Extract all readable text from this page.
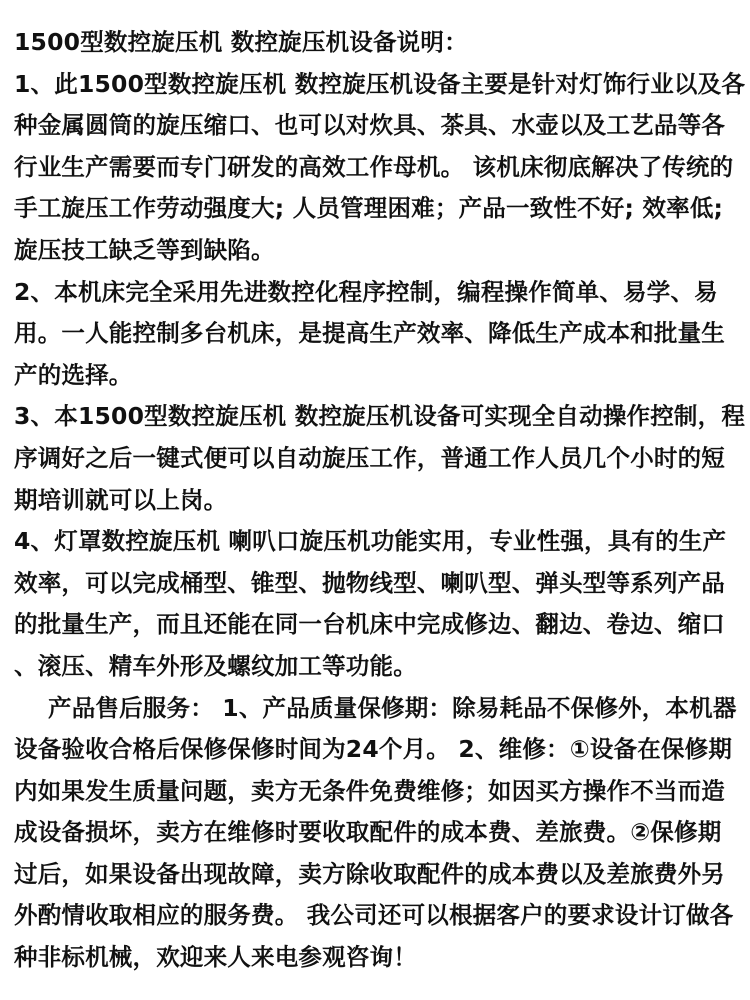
1500型数控旋压机 数控旋压机设备说明：
1、此1500型数控旋压机 数控旋压机设备主要是针对灯饰行业以及各
种金属圆筒的旋压缩口、也可以对炊具、茶具、水壶以及工艺品等各
行业生产需要而专门研发的高效工作母机。 该机床彻底解决了传统的
手工旋压工作劳动强度大; 人员管理困难；产品一致性不好; 效率低;
旋压技工缺乏等到缺陷。
2、本机床完全采用先进数控化程序控制，编程操作简单、易学、易
用。一人能控制多台机床，是提高生产效率、降低生产成本和批量生
产的选择。
3、本1500型数控旋压机 数控旋压机设备可实现全自动操作控制，程
序调好之后一键式便可以自动旋压工作，普通工作人员几个小时的短
期培训就可以上岗。
4、灯罩数控旋压机 喇叭口旋压机功能实用，专业性强，具有的生产
效率，可以完成桶型、锥型、抛物线型、喇叭型、弹头型等系列产品
的批量生产，而且还能在同一台机床中完成修边、翻边、卷边、缩口
、滚压、精车外形及螺纹加工等功能。
产品售后服务： 1、产品质量保修期：除易耗品不保修外，本机器
设备验收合格后保修保修时间为24个月。 2、维修：①设备在保修期
内如果发生质量问题，卖方无条件免费维修；如因买方操作不当而造
成设备损坏，卖方在维修时要收取配件的成本费、差旅费。②保修期
过后，如果设备出现故障，卖方除收取配件的成本费以及差旅费外另
外酌情收取相应的服务费。 我公司还可以根据客户的要求设计订做各
种非标机械，欢迎来人来电参观咨询！
